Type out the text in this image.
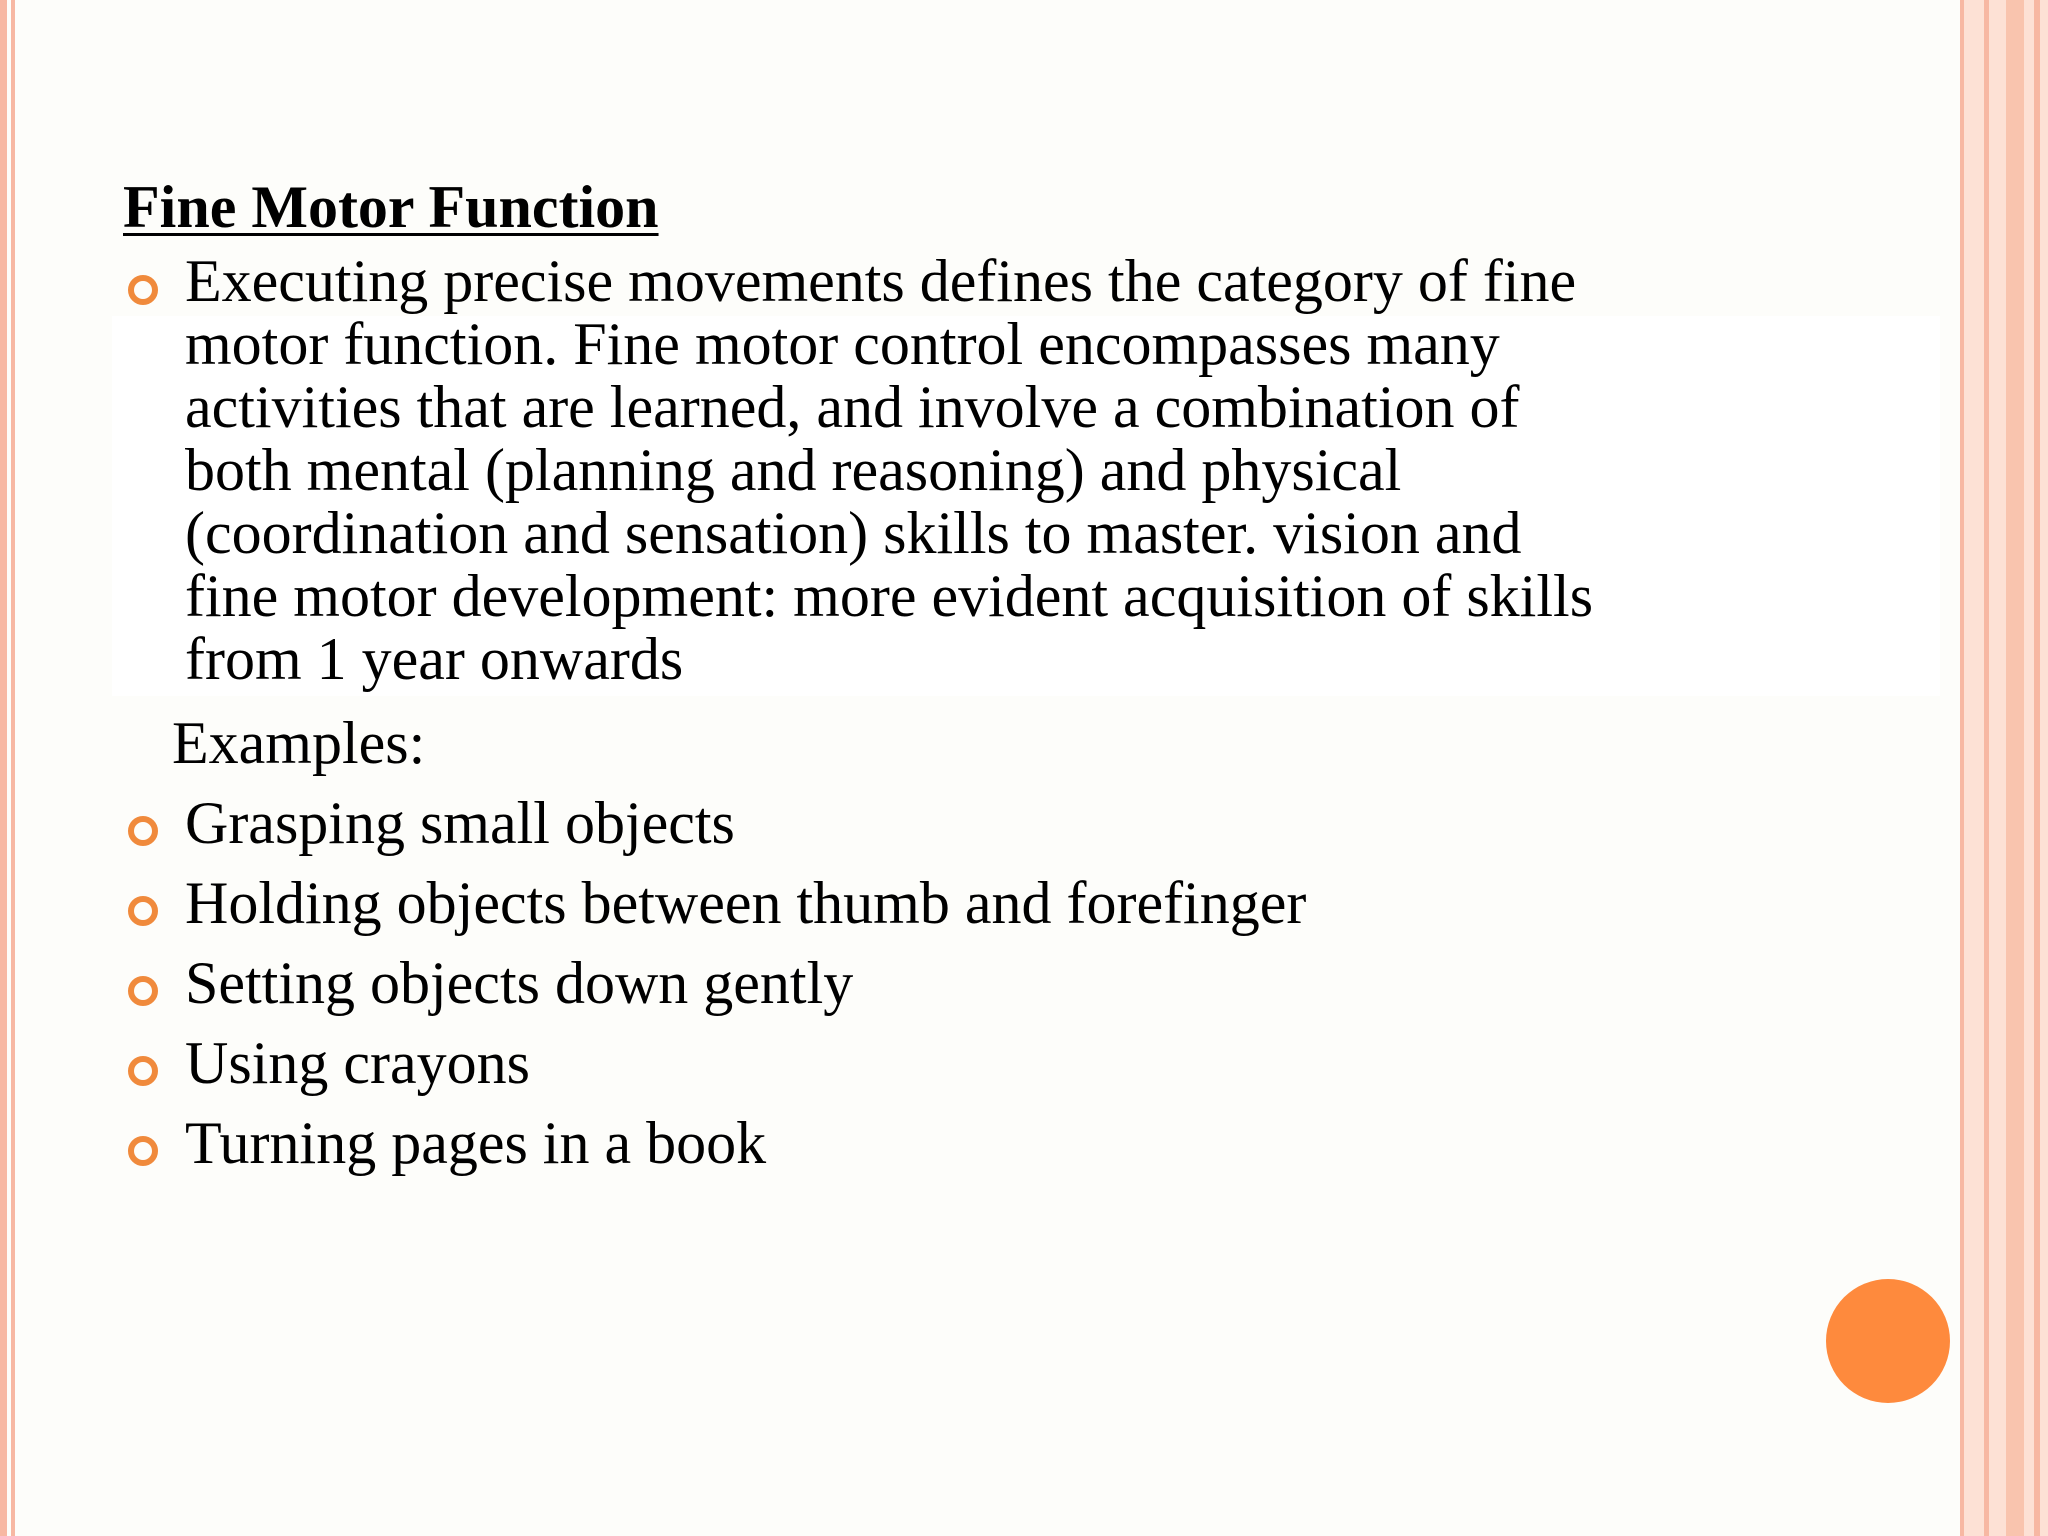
Fine Motor Function
Executing precise movements defines the category of fine
motor function. Fine motor control encompasses many
activities that are learned, and involve a combination of
both mental (planning and reasoning) and physical
(coordination and sensation) skills to master. vision and
fine motor development: more evident acquisition of skills
from 1 year onwards
Examples:
Grasping small objects
Holding objects between thumb and forefinger
Setting objects down gently
Using crayons
Turning pages in a book
